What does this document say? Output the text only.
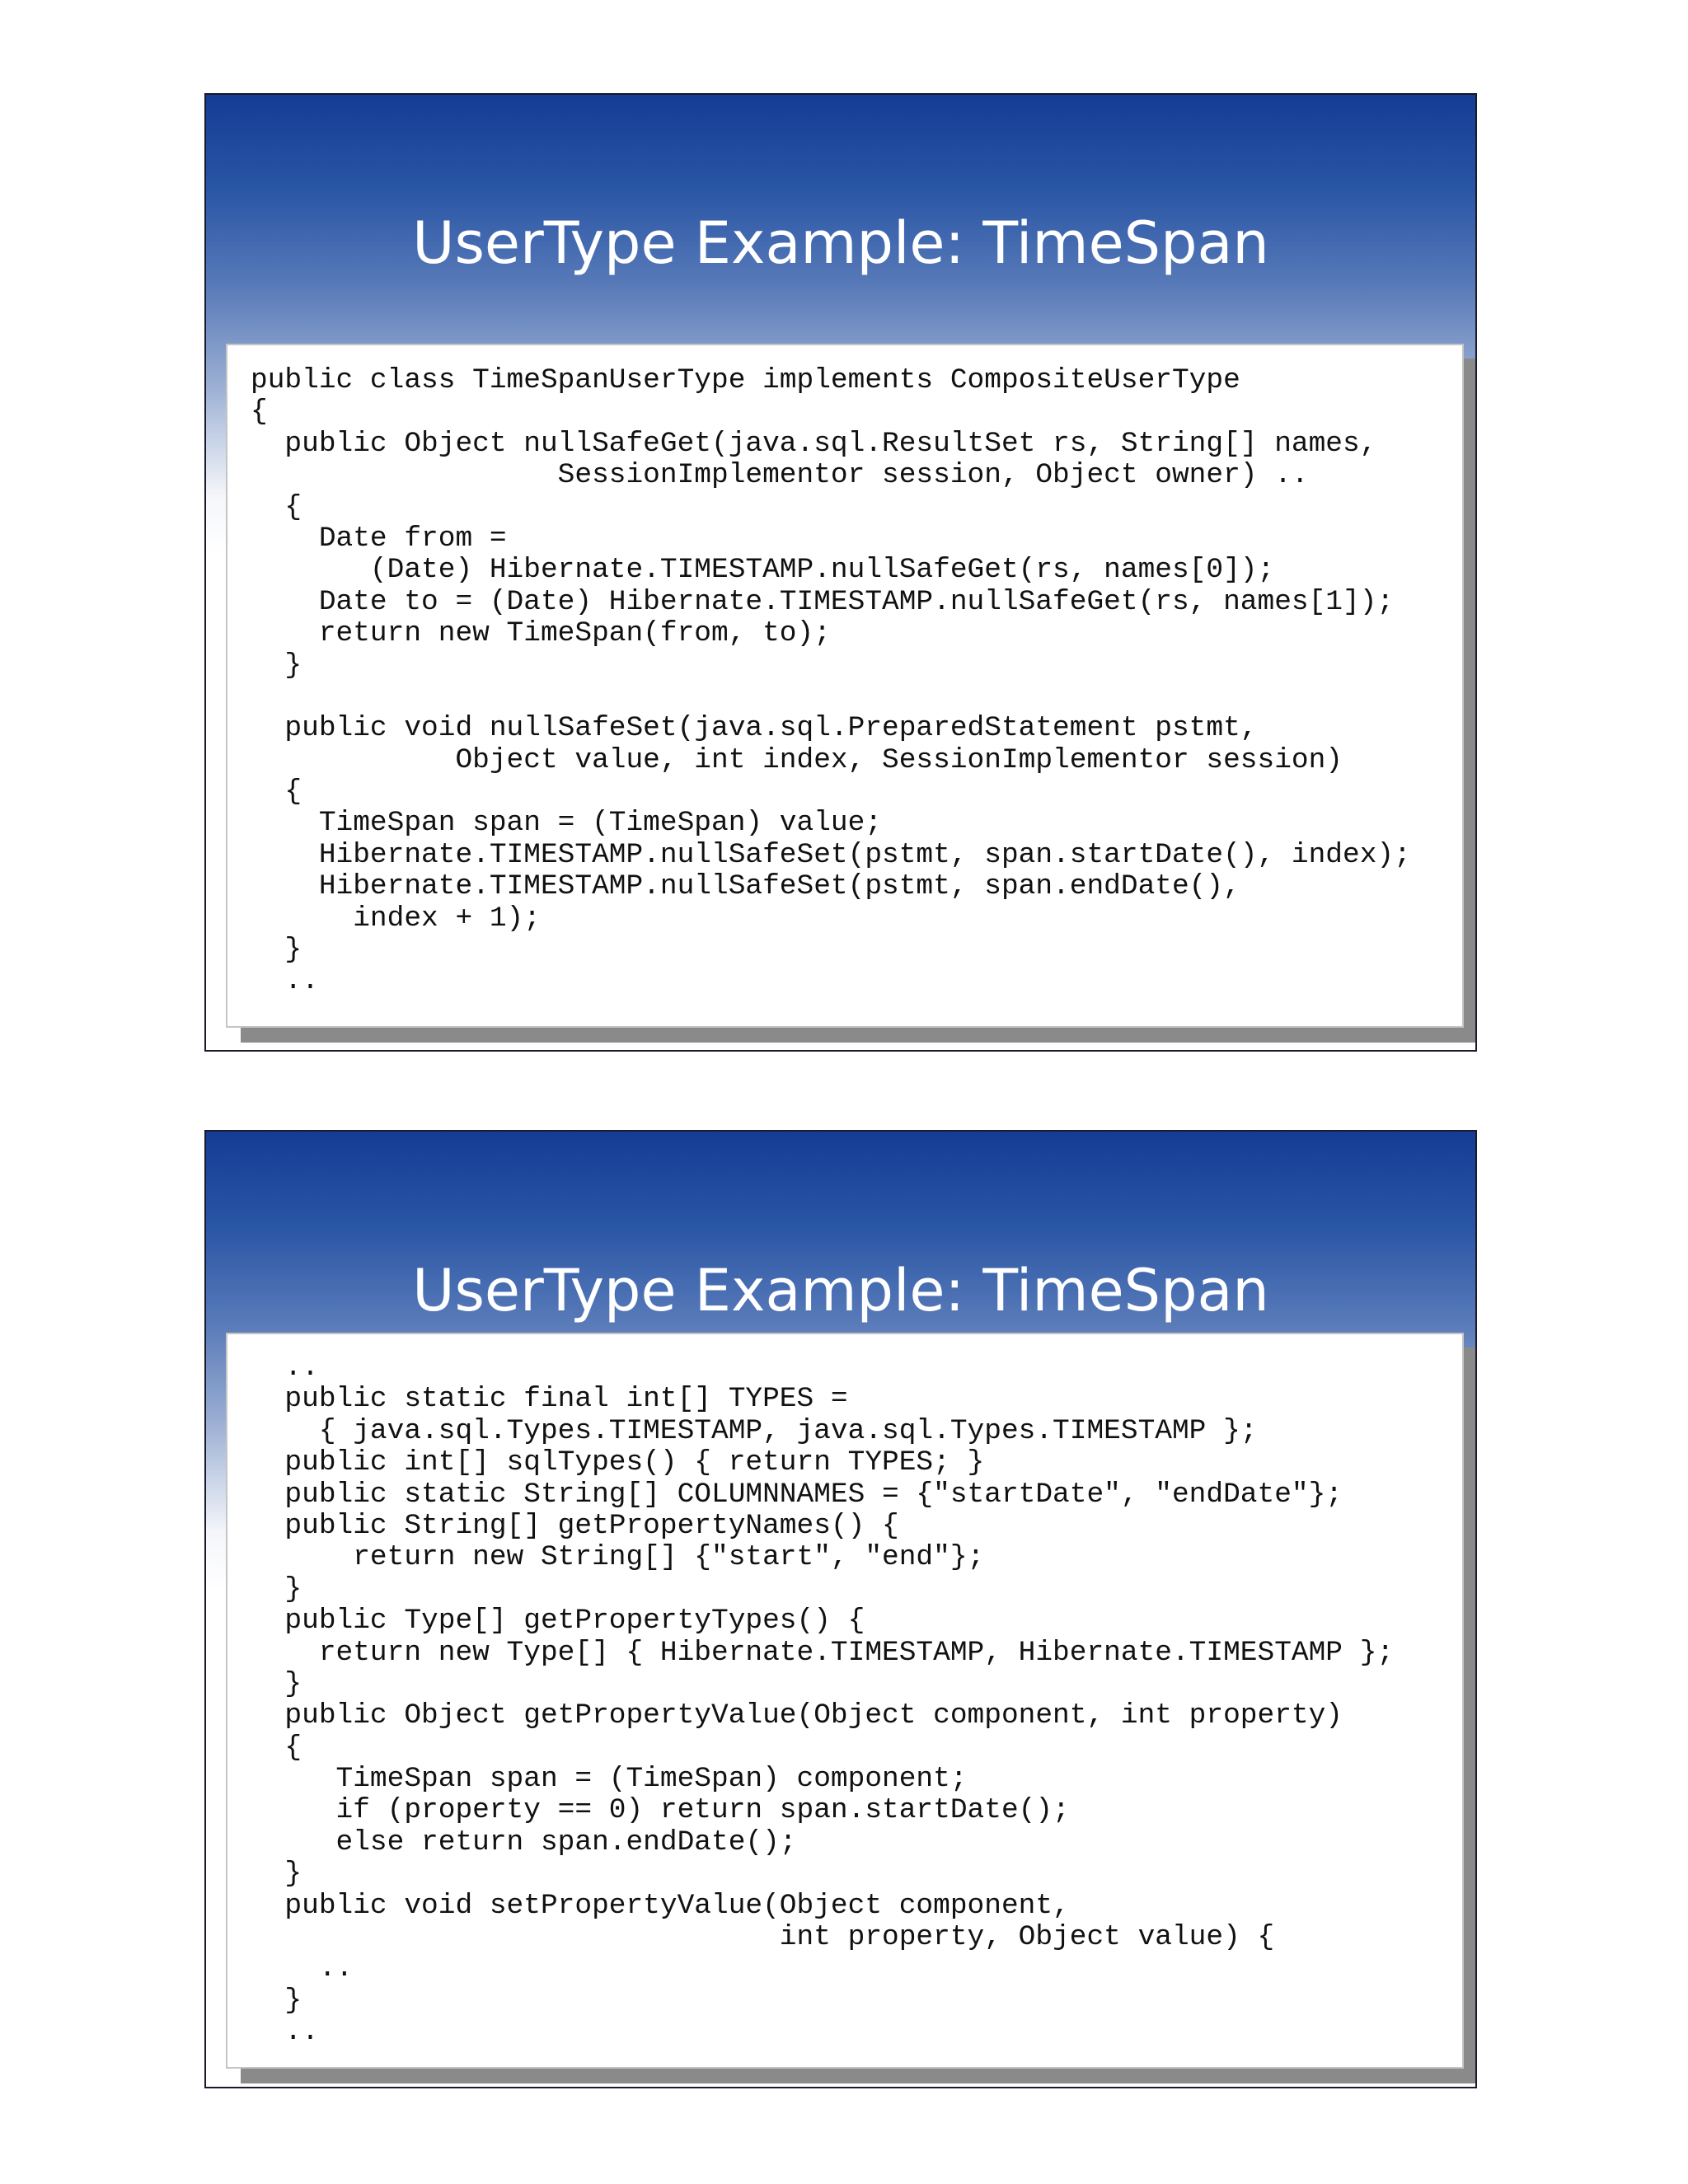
UserType Example: TimeSpan
public class TimeSpanUserType implements CompositeUserType
{
public Object nullSafeGet(java.sql.ResultSet rs, String[] names,
SessionImplementor session, Object owner) ..
{
Date from =
(Date) Hibernate.TIMESTAMP.nullSafeGet(rs, names[0]);
Date to = (Date) Hibernate.TIMESTAMP.nullSafeGet(rs, names[1]);
return new TimeSpan(from, to);
}
public void nullSafeSet(java.sql.PreparedStatement pstmt,
Object value, int index, SessionImplementor session)
{
TimeSpan span = (TimeSpan) value;
Hibernate.TIMESTAMP.nullSafeSet(pstmt, span.startDate(), index);
Hibernate.TIMESTAMP.nullSafeSet(pstmt, span.endDate(),
index + 1);
}
..
UserType Example: TimeSpan
..
public static final int[] TYPES =
{ java.sql.Types.TIMESTAMP, java.sql.Types.TIMESTAMP };
public int[] sqlTypes() { return TYPES; }
public static String[] COLUMNNAMES = {"startDate", "endDate"};
public String[] getPropertyNames() {
return new String[] {"start", "end"};
}
public Type[] getPropertyTypes() {
return new Type[] { Hibernate.TIMESTAMP, Hibernate.TIMESTAMP };
}
public Object getPropertyValue(Object component, int property)
{
TimeSpan span = (TimeSpan) component;
if (property == 0) return span.startDate();
else return span.endDate();
}
public void setPropertyValue(Object component,
int property, Object value) {
..
}
..
